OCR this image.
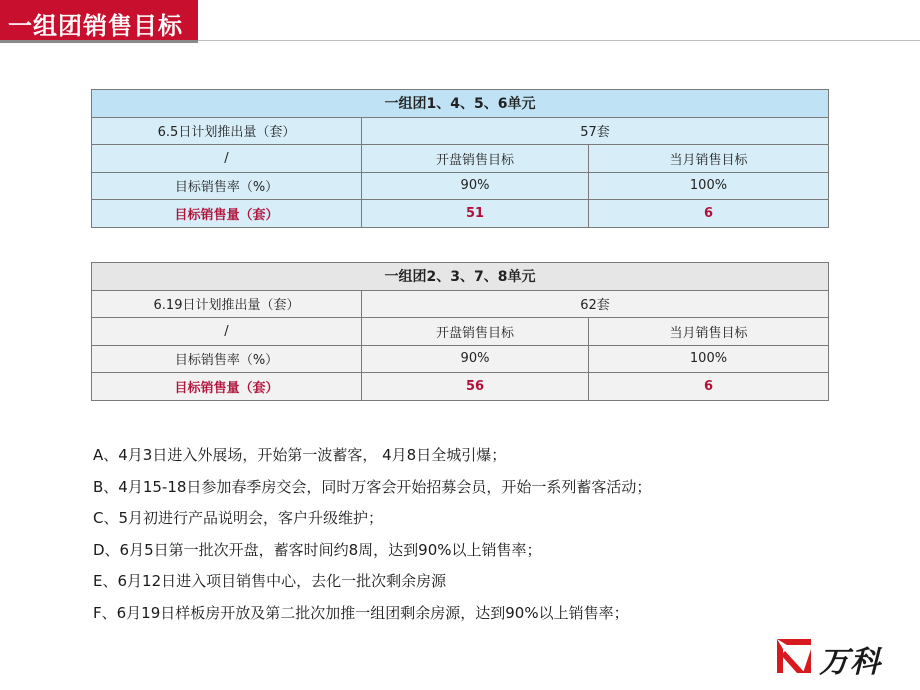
一组团销售目标
一组团1、4、5、6单元		
6.5日计划推出量（套）	57套	
/	开盘销售目标	当月销售目标
目标销售率（%）	90%	100%
目标销售量（套）	51	6
一组团2、3、7、8单元		
6.19日计划推出量（套）	62套	
/	开盘销售目标	当月销售目标
目标销售率（%）	90%	100%
目标销售量（套）	56	6
A、4月3日进入外展场，开始第一波蓄客， 4月8日全城引爆；
B、4月15-18日参加春季房交会，同时万客会开始招募会员，开始一系列蓄客活动；
C、5月初进行产品说明会，客户升级维护；
D、6月5日第一批次开盘，蓄客时间约8周，达到90%以上销售率；
E、6月12日进入项目销售中心，去化一批次剩余房源
F、6月19日样板房开放及第二批次加推一组团剩余房源，达到90%以上销售率；
万科
